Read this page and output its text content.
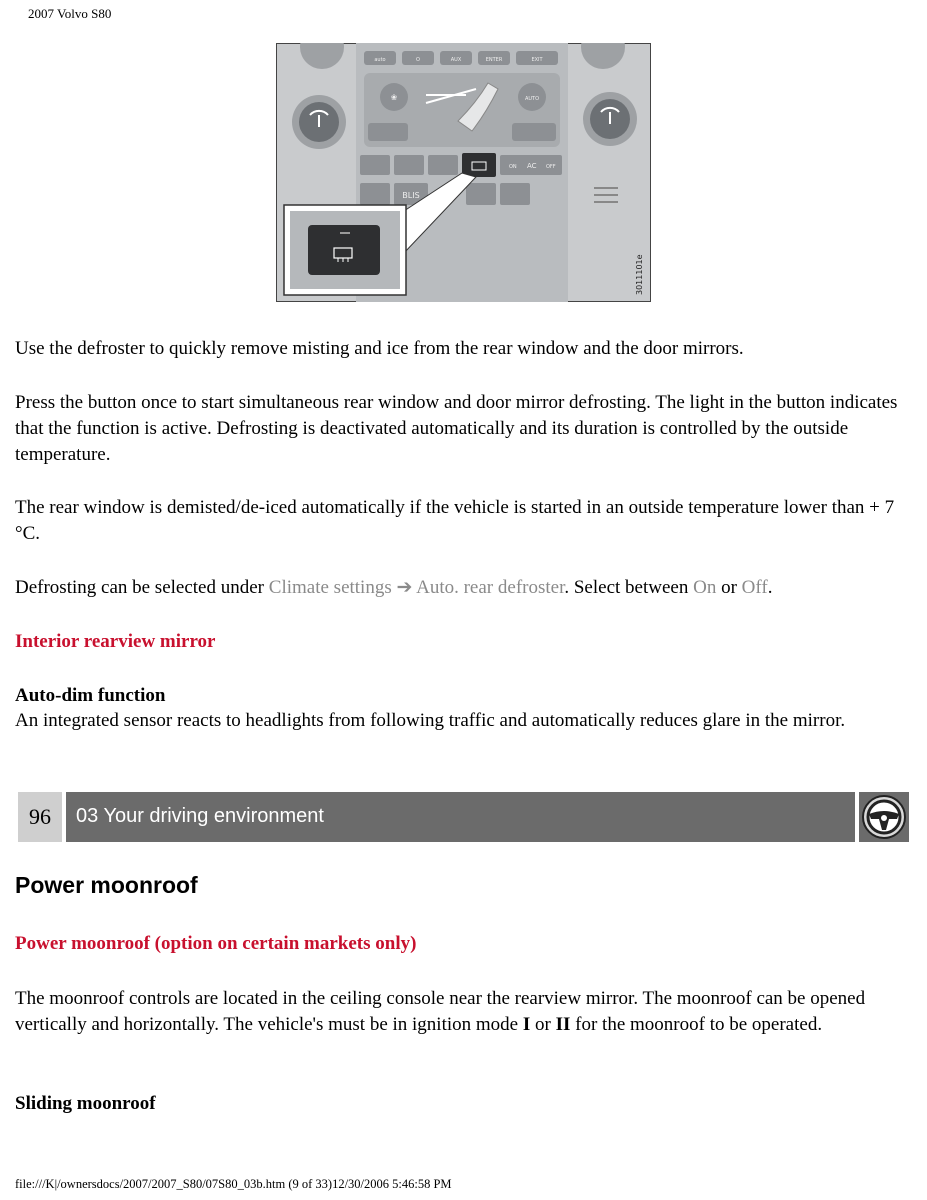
2007 Volvo S80
auto	O	AUX	ENTER	EXIT
❀	AUTO
ON AC OFF
BLIS
3011101e

Use the defroster to quickly remove misting and ice from the rear window and the door mirrors.

Press the button once to start simultaneous rear window and door mirror defrosting. The light in the button indicates that the function is active. Defrosting is deactivated automatically and its duration is controlled by the outside temperature.

The rear window is demisted/de-iced automatically if the vehicle is started in an outside temperature lower than + 7 °C.

Defrosting can be selected under Climate settings ➔ Auto. rear defroster. Select between On or Off.

Interior rearview mirror
Auto-dim function

An integrated sensor reacts to headlights from following traffic and automatically reduces glare in the mirror.

96	03 Your driving environment
Power moonroof
Power moonroof (option on certain markets only)

The moonroof controls are located in the ceiling console near the rearview mirror. The moonroof can be opened vertically and horizontally. The vehicle's must be in ignition mode I or II for the moonroof to be operated.

Sliding moonroof
file:///K|/ownersdocs/2007/2007_S80/07S80_03b.htm (9 of 33)12/30/2006 5:46:58 PM
